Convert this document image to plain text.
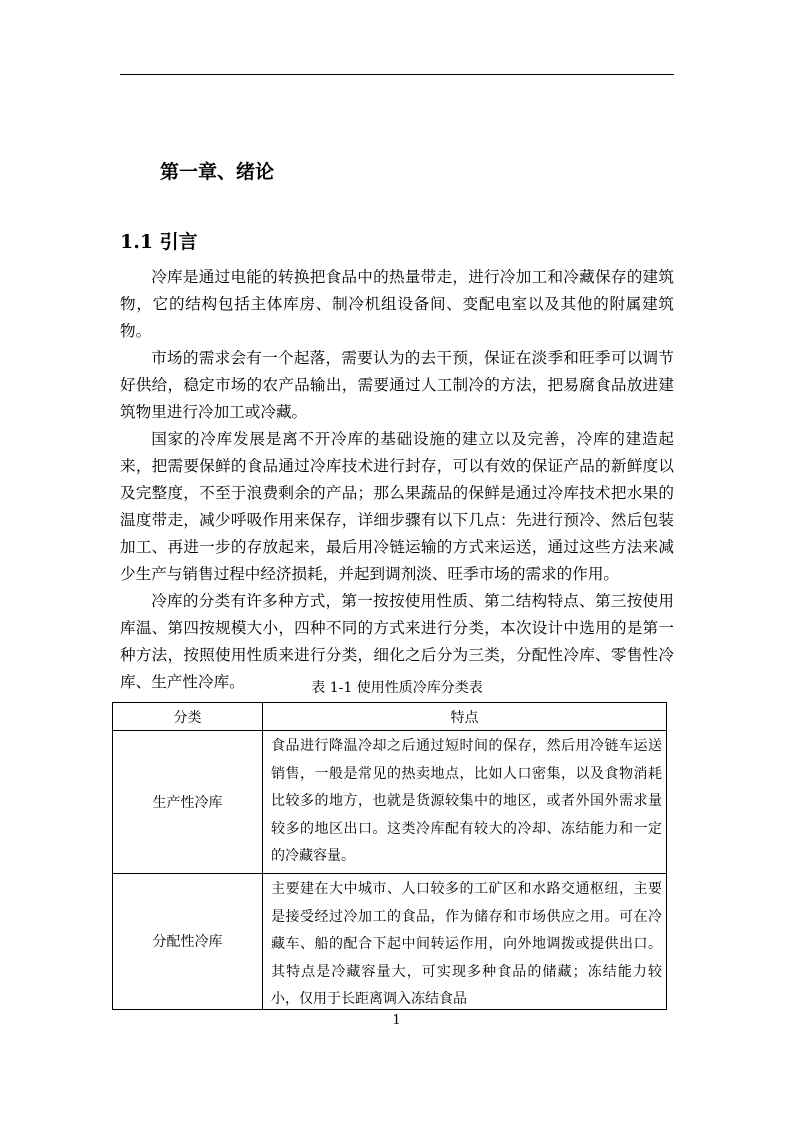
第一章、绪论
1.1 引言

冷库是通过电能的转换把食品中的热量带走，进行冷加工和冷藏保存的建筑物，它的结构包括主体库房、制冷机组设备间、变配电室以及其他的附属建筑物。

市场的需求会有一个起落，需要认为的去干预，保证在淡季和旺季可以调节好供给，稳定市场的农产品输出，需要通过人工制冷的方法，把易腐食品放进建筑物里进行冷加工或冷藏。

国家的冷库发展是离不开冷库的基础设施的建立以及完善，冷库的建造起来，把需要保鲜的食品通过冷库技术进行封存，可以有效的保证产品的新鲜度以及完整度，不至于浪费剩余的产品；那么果蔬品的保鲜是通过冷库技术把水果的温度带走，减少呼吸作用来保存，详细步骤有以下几点：先进行预冷、然后包装加工、再进一步的存放起来，最后用冷链运输的方式来运送，通过这些方法来减少生产与销售过程中经济损耗，并起到调剂淡、旺季市场的需求的作用。

冷库的分类有许多种方式，第一按按使用性质、第二结构特点、第三按使用库温、第四按规模大小，四种不同的方式来进行分类，本次设计中选用的是第一种方法，按照使用性质来进行分类，细化之后分为三类，分配性冷库、零售性冷库、生产性冷库。	表 1-1 使用性质冷库分类表

分类	特点
生产性冷库	食品进行降温冷却之后通过短时间的保存，然后用冷链车运送销售，一般是常见的热卖地点，比如人口密集，以及食物消耗比较多的地方，也就是货源较集中的地区，或者外国外需求量较多的地区出口。这类冷库配有较大的冷却、冻结能力和一定的冷藏容量。
分配性冷库	主要建在大中城市、人口较多的工矿区和水路交通枢纽，主要是接受经过冷加工的食品，作为储存和市场供应之用。可在冷藏车、船的配合下起中间转运作用，向外地调拨或提供出口。其特点是冷藏容量大，可实现多种食品的储藏；冻结能力较小，仅用于长距离调入冻结食品

1
